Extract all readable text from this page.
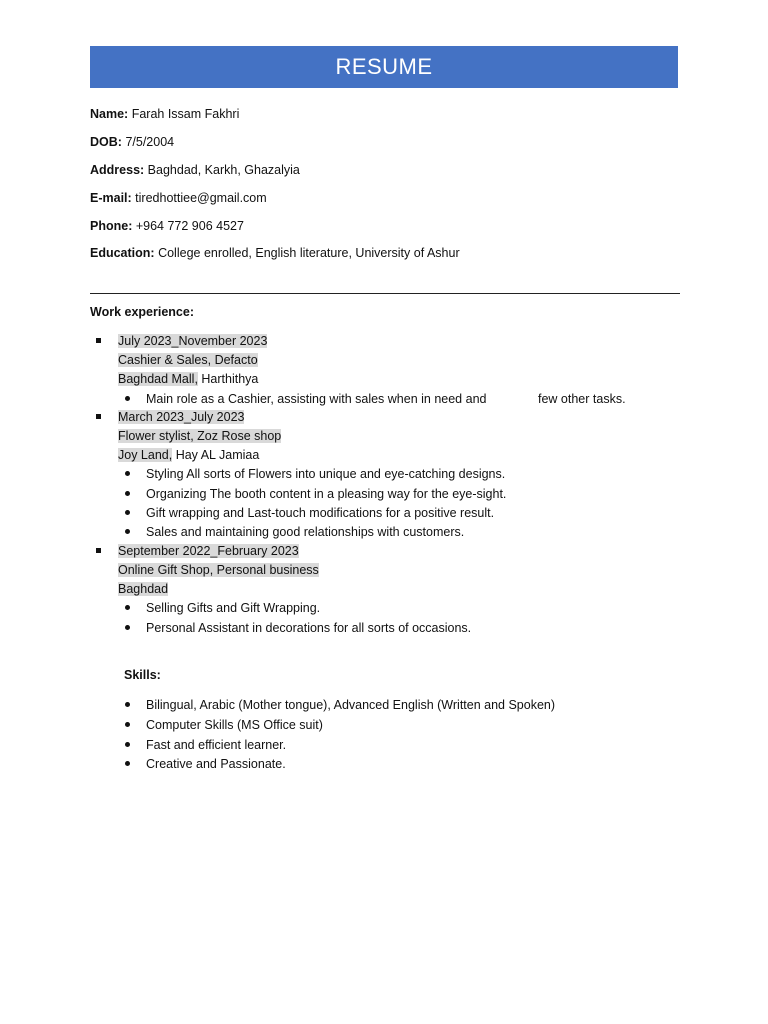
RESUME
Name: Farah Issam Fakhri
DOB: 7/5/2004
Address: Baghdad, Karkh, Ghazalyia
E-mail: tiredhottiee@gmail.com
Phone: +964 772 906 4527
Education: College enrolled, English literature, University of Ashur
Work experience:
July 2023_November 2023
Cashier & Sales, Defacto
Baghdad Mall, Harthithya
Main role as a Cashier, assisting with sales when in need and	few other tasks.
March 2023_July 2023
Flower stylist, Zoz Rose shop
Joy Land, Hay AL Jamiaa
Styling All sorts of Flowers into unique and eye-catching designs.
Organizing The booth content in a pleasing way for the eye-sight.
Gift wrapping and Last-touch modifications for a positive result.
Sales and maintaining good relationships with customers.
September 2022_February 2023
Online Gift Shop, Personal business
Baghdad
Selling Gifts and Gift Wrapping.
Personal Assistant in decorations for all sorts of occasions.
Skills:
Bilingual, Arabic (Mother tongue), Advanced English (Written and Spoken)
Computer Skills (MS Office suit)
Fast and efficient learner.
Creative and Passionate.
